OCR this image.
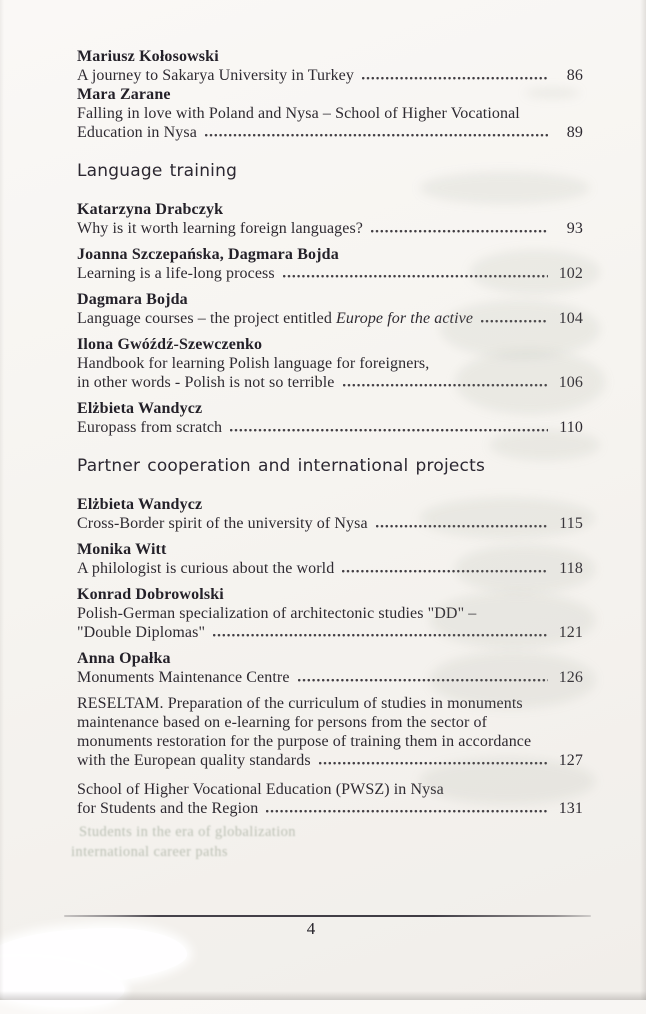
Mariusz Kołosowski
A journey to Sakarya University in Turkey	86
Mara Zarane
Falling in love with Poland and Nysa – School of Higher Vocational
Education in Nysa	89
Language training
Katarzyna Drabczyk
Why is it worth learning foreign languages?	93
Joanna Szczepańska, Dagmara Bojda
Learning is a life-long process	102
Dagmara Bojda
Language courses – the project entitled Europe for the active	104
Ilona Gwóźdź-Szewczenko
Handbook for learning Polish language for foreigners,
in other words - Polish is not so terrible	106
Elżbieta Wandycz
Europass from scratch	110
Partner cooperation and international projects
Elżbieta Wandycz
Cross-Border spirit of the university of Nysa	115
Monika Witt
A philologist is curious about the world	118
Konrad Dobrowolski
Polish-German specialization of architectonic studies "DD" –
"Double Diplomas"	121
Anna Opałka
Monuments Maintenance Centre	126
RESELTAM. Preparation of the curriculum of studies in monuments
maintenance based on e-learning for persons from the sector of
monuments restoration for the purpose of training them in accordance
with the European quality standards	127
School of Higher Vocational Education (PWSZ) in Nysa
for Students and the Region	131
Students in the era of globalization
international career paths
4
